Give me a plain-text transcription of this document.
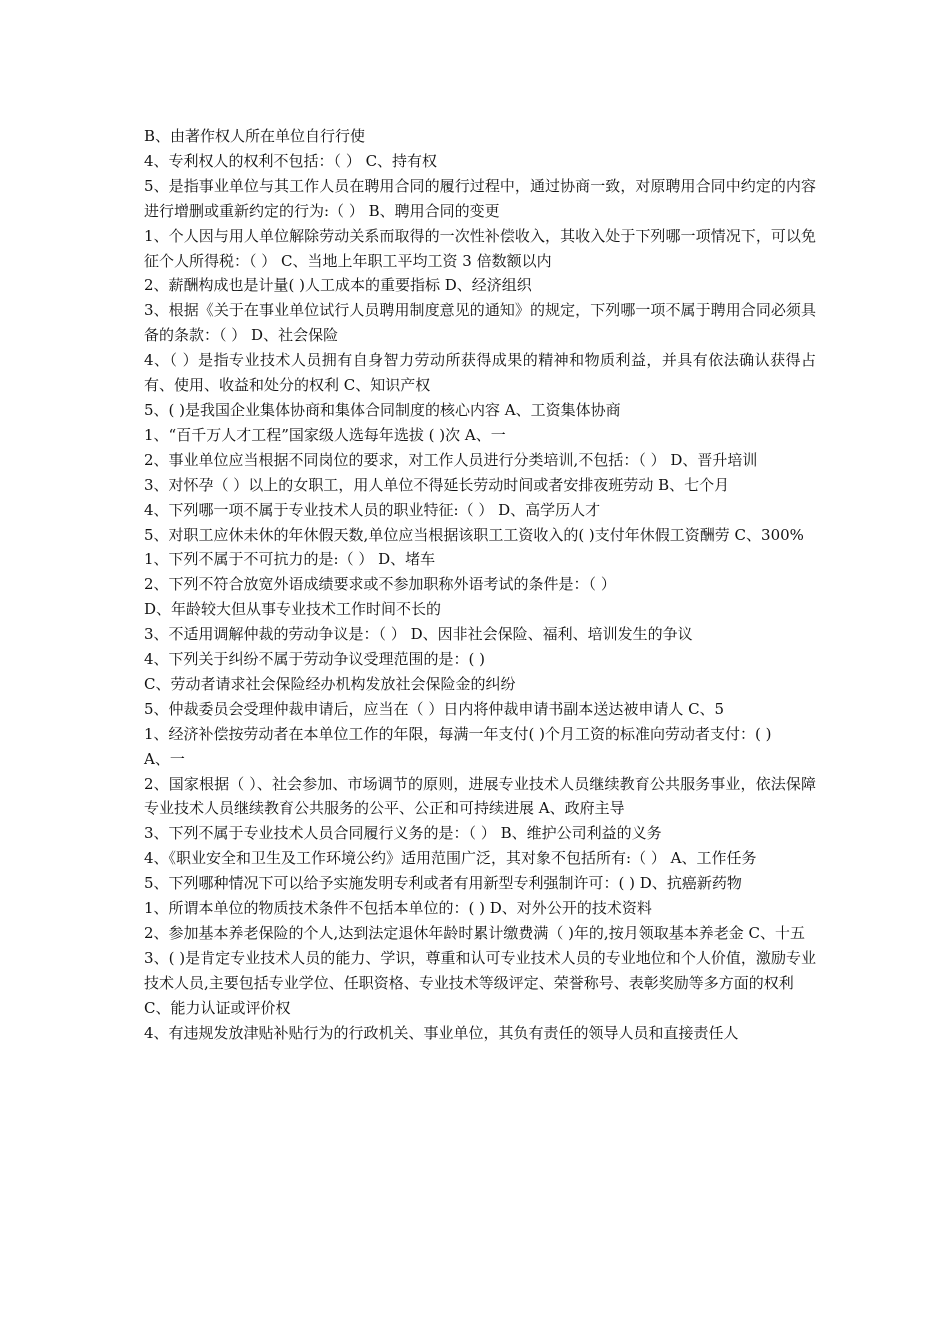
B、由著作权人所在单位自行行使

4、专利权人的权利不包括：（ ） C、持有权

5、是指事业单位与其工作人员在聘用合同的履行过程中，通过协商一致，对原聘用合同中约定的内容进行增删或重新约定的行为:（ ） B、聘用合同的变更

1、个人因与用人单位解除劳动关系而取得的一次性补偿收入，其收入处于下列哪一项情况下，可以免征个人所得税：（ ） C、当地上年职工平均工资 3 倍数额以内

2、薪酬构成也是计量( )人工成本的重要指标 D、经济组织

3、根据《关于在事业单位试行人员聘用制度意见的通知》的规定，下列哪一项不属于聘用合同必须具备的条款：（ ） D、社会保险

4、（ ）是指专业技术人员拥有自身智力劳动所获得成果的精神和物质利益，并具有依法确认获得占有、使用、收益和处分的权利 C、知识产权

5、( )是我国企业集体协商和集体合同制度的核心内容 A、工资集体协商

1、“百千万人才工程”国家级人选每年选拔 ( )次 A、一

2、事业单位应当根据不同岗位的要求，对工作人员进行分类培训,不包括：（ ） D、晋升培训

3、对怀孕（ ）以上的女职工，用人单位不得延长劳动时间或者安排夜班劳动 B、七个月

4、下列哪一项不属于专业技术人员的职业特征:（ ） D、高学历人才

5、对职工应休未休的年休假天数,单位应当根据该职工工资收入的( )支付年休假工资酬劳 C、300%

1、下列不属于不可抗力的是:（ ） D、堵车

2、下列不符合放宽外语成绩要求或不参加职称外语考试的条件是：（ ）

D、年龄较大但从事专业技术工作时间不长的

3、不适用调解仲裁的劳动争议是：（ ） D、因非社会保险、福利、培训发生的争议

4、下列关于纠纷不属于劳动争议受理范围的是：( )

C、劳动者请求社会保险经办机构发放社会保险金的纠纷

5、仲裁委员会受理仲裁申请后，应当在（ ）日内将仲裁申请书副本送达被申请人 C、5

1、经济补偿按劳动者在本单位工作的年限，每满一年支付( )个月工资的标准向劳动者支付：( )

A、一

2、国家根据（ ）、社会参加、市场调节的原则，进展专业技术人员继续教育公共服务事业，依法保障专业技术人员继续教育公共服务的公平、公正和可持续进展 A、政府主导

3、下列不属于专业技术人员合同履行义务的是：（ ） B、维护公司利益的义务

4、《职业安全和卫生及工作环境公约》适用范围广泛，其对象不包括所有:（ ） A、工作任务

5、下列哪种情况下可以给予实施发明专利或者有用新型专利强制许可：( ) D、抗癌新药物

1、所谓本单位的物质技术条件不包括本单位的：( ) D、对外公开的技术资料

2、参加基本养老保险的个人,达到法定退休年龄时累计缴费满（ )年的,按月领取基本养老金 C、十五

3、( )是肯定专业技术人员的能力、学识，尊重和认可专业技术人员的专业地位和个人价值，激励专业技术人员,主要包括专业学位、任职资格、专业技术等级评定、荣誉称号、表彰奖励等多方面的权利

C、能力认证或评价权

4、有违规发放津贴补贴行为的行政机关、事业单位，其负有责任的领导人员和直接责任人
